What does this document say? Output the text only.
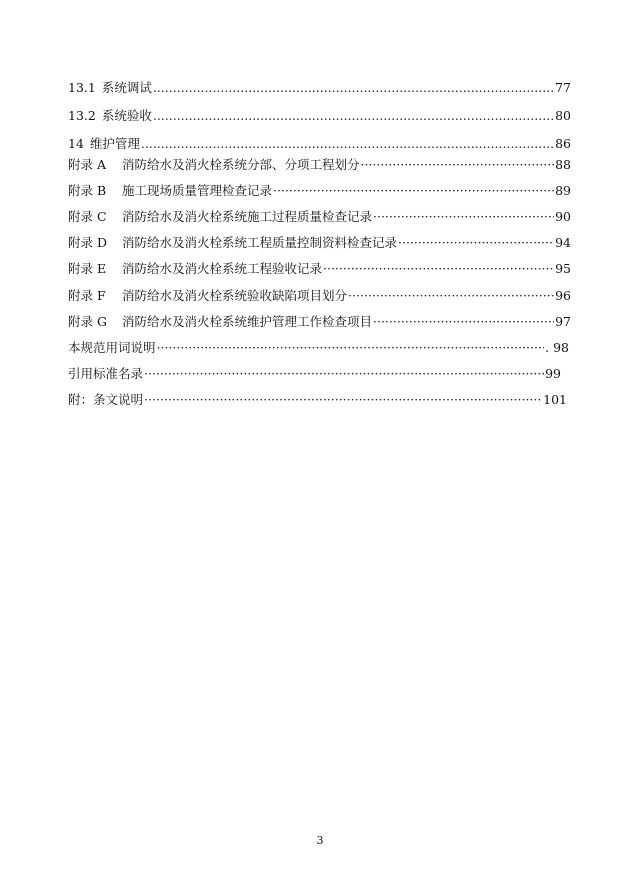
13.1 系统调试 .....	77
13.2 系统验收 .....	80
14 维护管理 .....	86
附录 A	消防给水及消火栓系统分部、分项工程划分 ·····	88
附录 B	施工现场质量管理检查记录 ·····	89
附录 C	消防给水及消火栓系统施工过程质量检查记录 ·····	90
附录 D	消防给水及消火栓系统工程质量控制资料检查记录 ·····	94
附录 E	消防给水及消火栓系统工程验收记录 ·····	95
附录 F	消防给水及消火栓系统验收缺陷项目划分 ·····	96
附录 G	消防给水及消火栓系统维护管理工作检查项目 ·····	97
本规范用词说明 ·····	. 98
引用标准名录 ·····	99
附：条文说明 ·····	101
3
